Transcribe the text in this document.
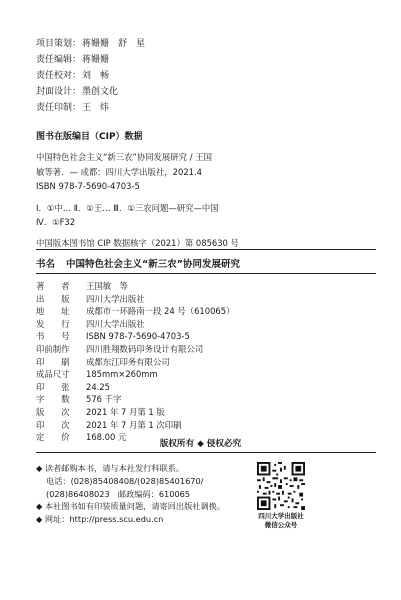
项目策划： 蒋姗姗　舒　星
责任编辑： 蒋姗姗
责任校对： 刘　畅
封面设计： 墨创文化
责任印制： 王　炜
图书在版编目（CIP）数据
中国特色社会主义“新三农”协同发展研究 / 王国
敏等著．— 成都：四川大学出版社，2021.4
ISBN 978-7-5690-4703-5
Ⅰ．①中… Ⅱ．①王… Ⅲ．①三农问题—研究—中国
Ⅳ．①F32
中国版本图书馆 CIP 数据核字（2021）第 085630 号
书名	中国特色社会主义“新三农”协同发展研究
著　　者	王国敏　等
出　　版	四川大学出版社
地　　址	成都市一环路南一段 24 号（610065）
发　　行	四川大学出版社
书　　号	ISBN 978-7-5690-4703-5
印前制作	四川胜翔数码印务设计有限公司
印　　刷	成都东江印务有限公司
成品尺寸	185mm×260mm
印　　张	24.25
字　　数	576 千字
版　　次	2021 年 7 月第 1 版
印　　次	2021 年 7 月第 1 次印刷
定　　价	168.00 元
版权所有 ◆ 侵权必究
◆ 读者邮购本书，请与本社发行科联系。
电话：(028)85408408/(028)85401670/
(028)86408023　邮政编码：610065
◆ 本社图书如有印装质量问题，请寄回出版社调换。
◆ 网址：http://press.scu.edu.cn	四川大学出版社
微信公众号
